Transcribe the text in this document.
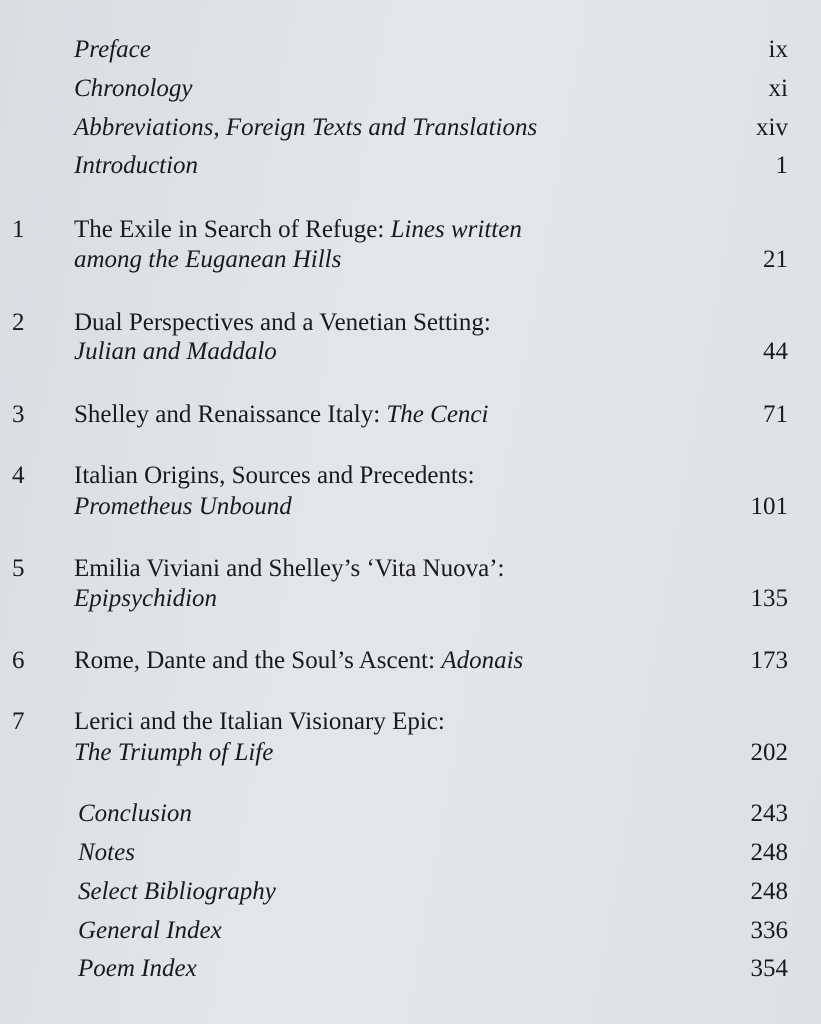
Preface	ix
Chronology	xi
Abbreviations, Foreign Texts and Translations	xiv
Introduction	1
1 The Exile in Search of Refuge: Lines written
among the Euganean Hills	21
2 Dual Perspectives and a Venetian Setting:
Julian and Maddalo	44
3 Shelley and Renaissance Italy: The Cenci	71
4 Italian Origins, Sources and Precedents:
Prometheus Unbound	101
5 Emilia Viviani and Shelley’s ‘Vita Nuova’:
Epipsychidion	135
6 Rome, Dante and the Soul’s Ascent: Adonais	173
7 Lerici and the Italian Visionary Epic:
The Triumph of Life	202
Conclusion	243
Notes	248
Select Bibliography	248
General Index	336
Poem Index	354
